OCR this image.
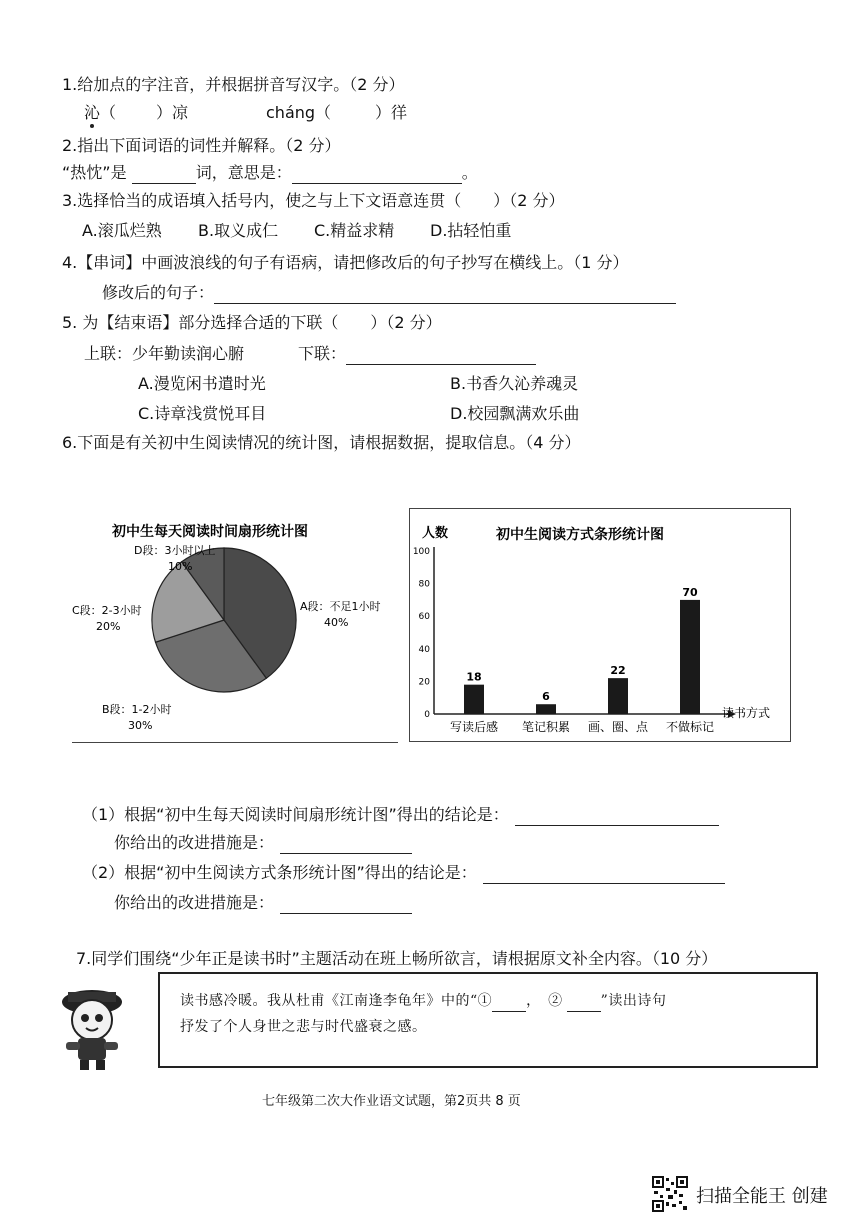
1.给加点的字注音，并根据拼音写汉字。（2 分）
沁（	）凉	cháng（	）徉
2.指出下面词语的词性并解释。（2 分）
“热忱”是	词，意思是：	。
3.选择恰当的成语填入括号内，使之与上下文语意连贯（　　）（2 分）
A.滚瓜烂熟 B.取义成仁 C.精益求精 D.拈轻怕重
4.【串词】中画波浪线的句子有语病，请把修改后的句子抄写在横线上。（1 分）
修改后的句子：
5. 为【结束语】部分选择合适的下联（　　）（2 分）
上联：少年勤读润心腑	下联：
A.漫览闲书遣时光	B.书香久沁养魂灵
C.诗章浅赏悦耳目	D.校园飘满欢乐曲
6.下面是有关初中生阅读情况的统计图，请根据数据，提取信息。（4 分）
初中生每天阅读时间扇形统计图
D段：3小时以上
10%
A段：不足1小时
40%
C段：2-3小时
20%
B段：1-2小时
30%
人数	初中生阅读方式条形统计图
0
20
40
60
80
100
18
写读后感
6
笔记积累
22
画、圈、点
70
不做标记
读书方式
（1）根据“初中生每天阅读时间扇形统计图”得出的结论是：
你给出的改进措施是：
（2）根据“初中生阅读方式条形统计图”得出的结论是：
你给出的改进措施是：
7.同学们围绕“少年正是读书时”主题活动在班上畅所欲言，请根据原文补全内容。（10 分）
读书感冷暖。我从杜甫《江南逢李龟年》中的“① ，　②	”读出诗句
抒发了个人身世之悲与时代盛衰之感。
七年级第二次大作业语文试题，第2页共 8 页
扫描全能王 创建
